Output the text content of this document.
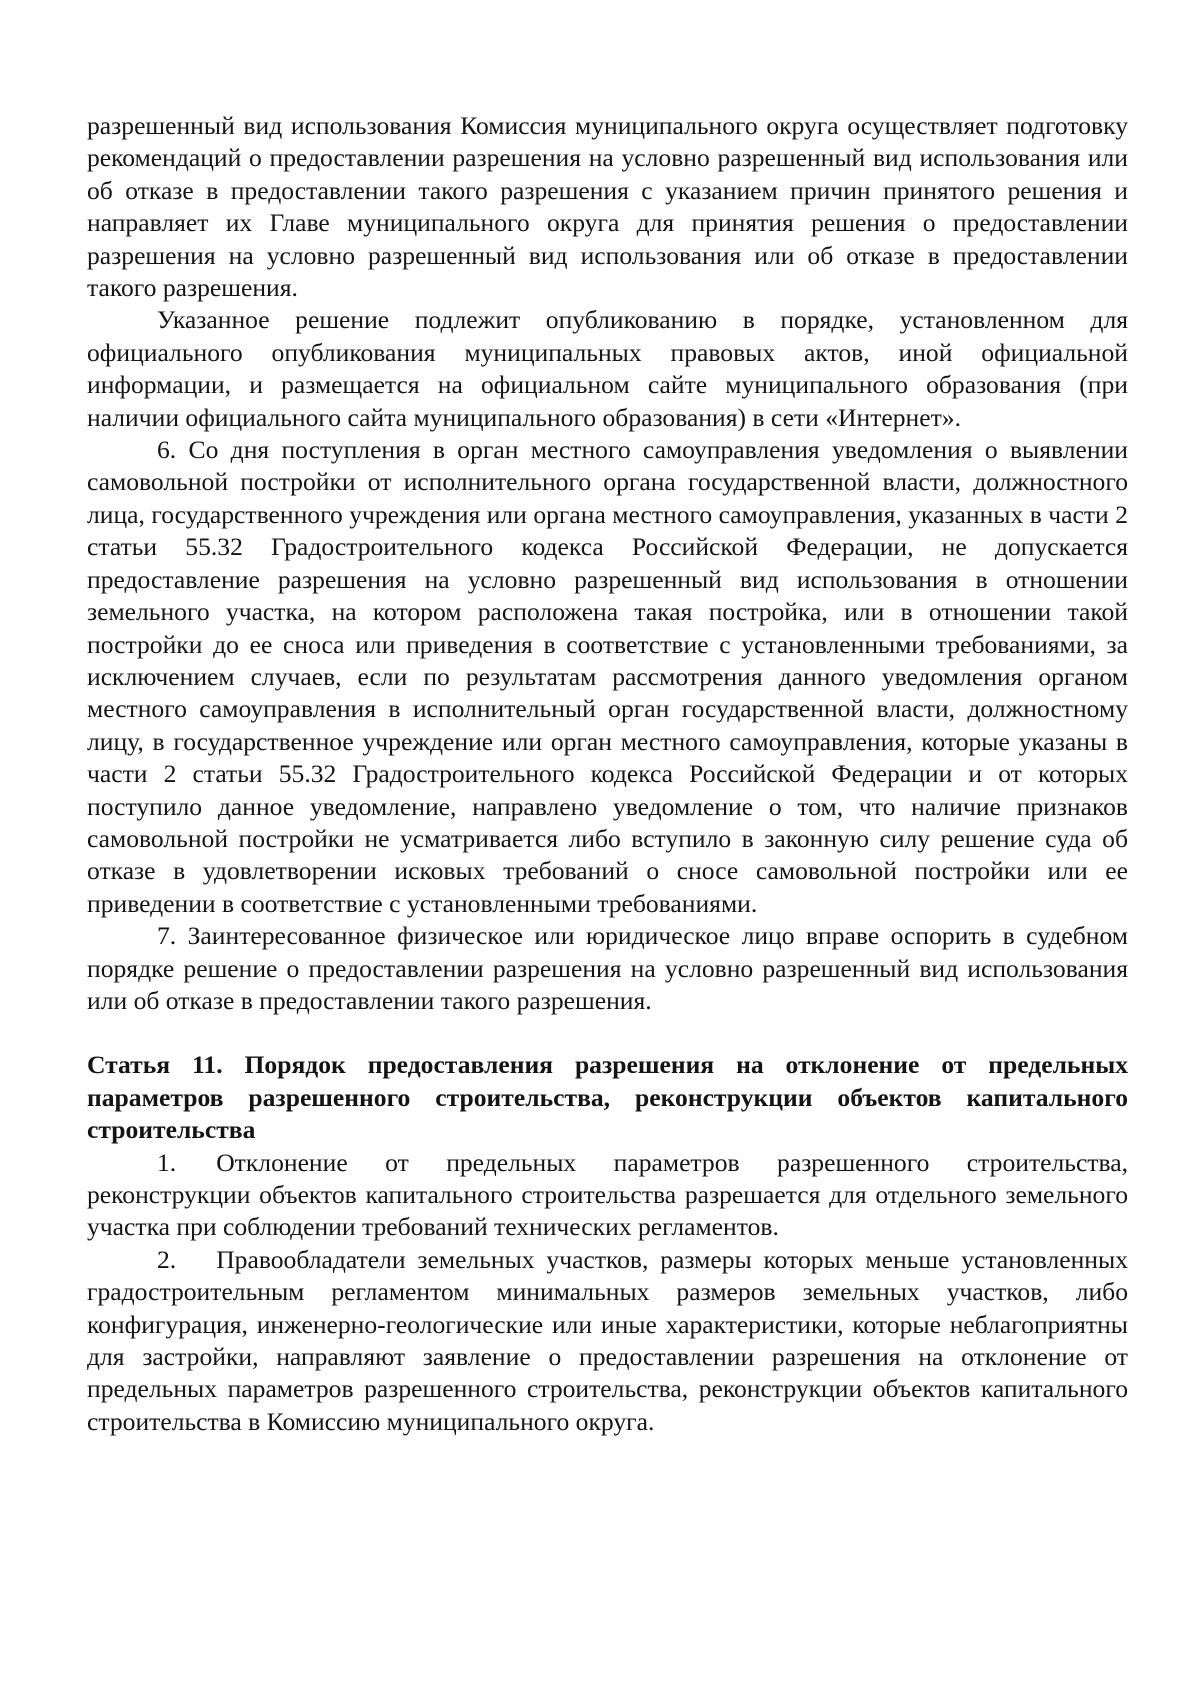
разрешенный вид использования Комиссия муниципального округа осуществляет подготовку рекомендаций о предоставлении разрешения на условно разрешенный вид использования или об отказе в предоставлении такого разрешения с указанием причин принятого решения и направляет их Главе муниципального округа для принятия решения о предоставлении разрешения на условно разрешенный вид использования или об отказе в предоставлении такого разрешения.

Указанное решение подлежит опубликованию в порядке, установленном для официального опубликования муниципальных правовых актов, иной официальной информации, и размещается на официальном сайте муниципального образования (при наличии официального сайта муниципального образования) в сети «Интернет».

6. Со дня поступления в орган местного самоуправления уведомления о выявлении самовольной постройки от исполнительного органа государственной власти, должностного лица, государственного учреждения или органа местного самоуправления, указанных в части 2 статьи 55.32 Градостроительного кодекса Российской Федерации, не допускается предоставление разрешения на условно разрешенный вид использования в отношении земельного участка, на котором расположена такая постройка, или в отношении такой постройки до ее сноса или приведения в соответствие с установленными требованиями, за исключением случаев, если по результатам рассмотрения данного уведомления органом местного самоуправления в исполнительный орган государственной власти, должностному лицу, в государственное учреждение или орган местного самоуправления, которые указаны в части 2 статьи 55.32 Градостроительного кодекса Российской Федерации и от которых поступило данное уведомление, направлено уведомление о том, что наличие признаков самовольной постройки не усматривается либо вступило в законную силу решение суда об отказе в удовлетворении исковых требований о сносе самовольной постройки или ее приведении в соответствие с установленными требованиями.

7. Заинтересованное физическое или юридическое лицо вправе оспорить в судебном порядке решение о предоставлении разрешения на условно разрешенный вид использования или об отказе в предоставлении такого разрешения.

Статья 11. Порядок предоставления разрешения на отклонение от предельных параметров разрешенного строительства, реконструкции объектов капитального строительства

1. Отклонение от предельных параметров разрешенного строительства, реконструкции объектов капитального строительства разрешается для отдельного земельного участка при соблюдении требований технических регламентов.

2. Правообладатели земельных участков, размеры которых меньше установленных градостроительным регламентом минимальных размеров земельных участков, либо конфигурация, инженерно-геологические или иные характеристики, которые неблагоприятны для застройки, направляют заявление о предоставлении разрешения на отклонение от предельных параметров разрешенного строительства, реконструкции объектов капитального строительства в Комиссию муниципального округа.
